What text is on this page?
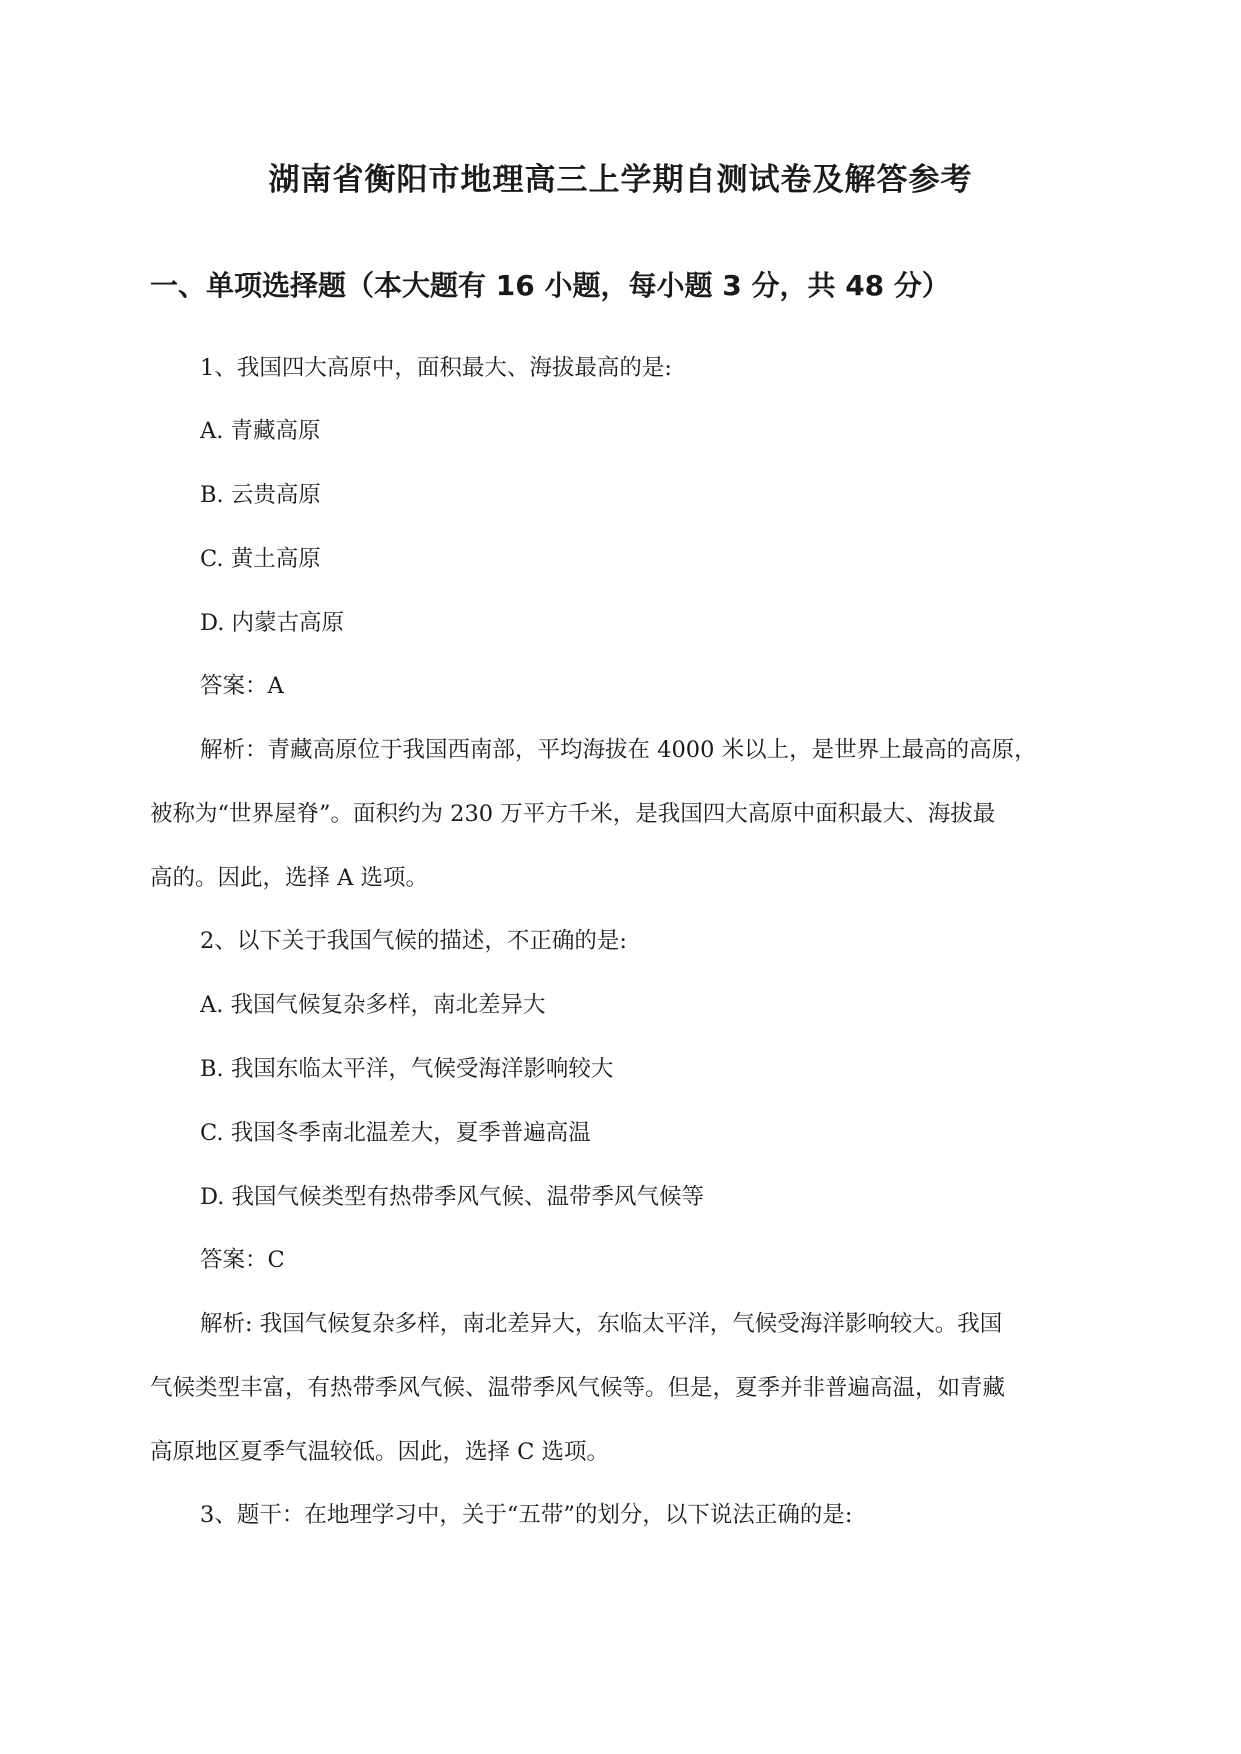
湖南省衡阳市地理高三上学期自测试卷及解答参考
一、单项选择题（本大题有 16 小题，每小题 3 分，共 48 分）

1、我国四大高原中，面积最大、海拔最高的是:

A. 青藏高原

B. 云贵高原

C. 黄土高原

D. 内蒙古高原

答案：A

解析：青藏高原位于我国西南部，平均海拔在 4000 米以上，是世界上最高的高原，

被称为“世界屋脊”。面积约为 230 万平方千米，是我国四大高原中面积最大、海拔最

高的。因此，选择 A 选项。

2、以下关于我国气候的描述，不正确的是:

A. 我国气候复杂多样，南北差异大

B. 我国东临太平洋，气候受海洋影响较大

C. 我国冬季南北温差大，夏季普遍高温

D. 我国气候类型有热带季风气候、温带季风气候等

答案：C

解析: 我国气候复杂多样，南北差异大，东临太平洋，气候受海洋影响较大。我国

气候类型丰富，有热带季风气候、温带季风气候等。但是，夏季并非普遍高温，如青藏

高原地区夏季气温较低。因此，选择 C 选项。

3、题干：在地理学习中，关于“五带”的划分，以下说法正确的是:
